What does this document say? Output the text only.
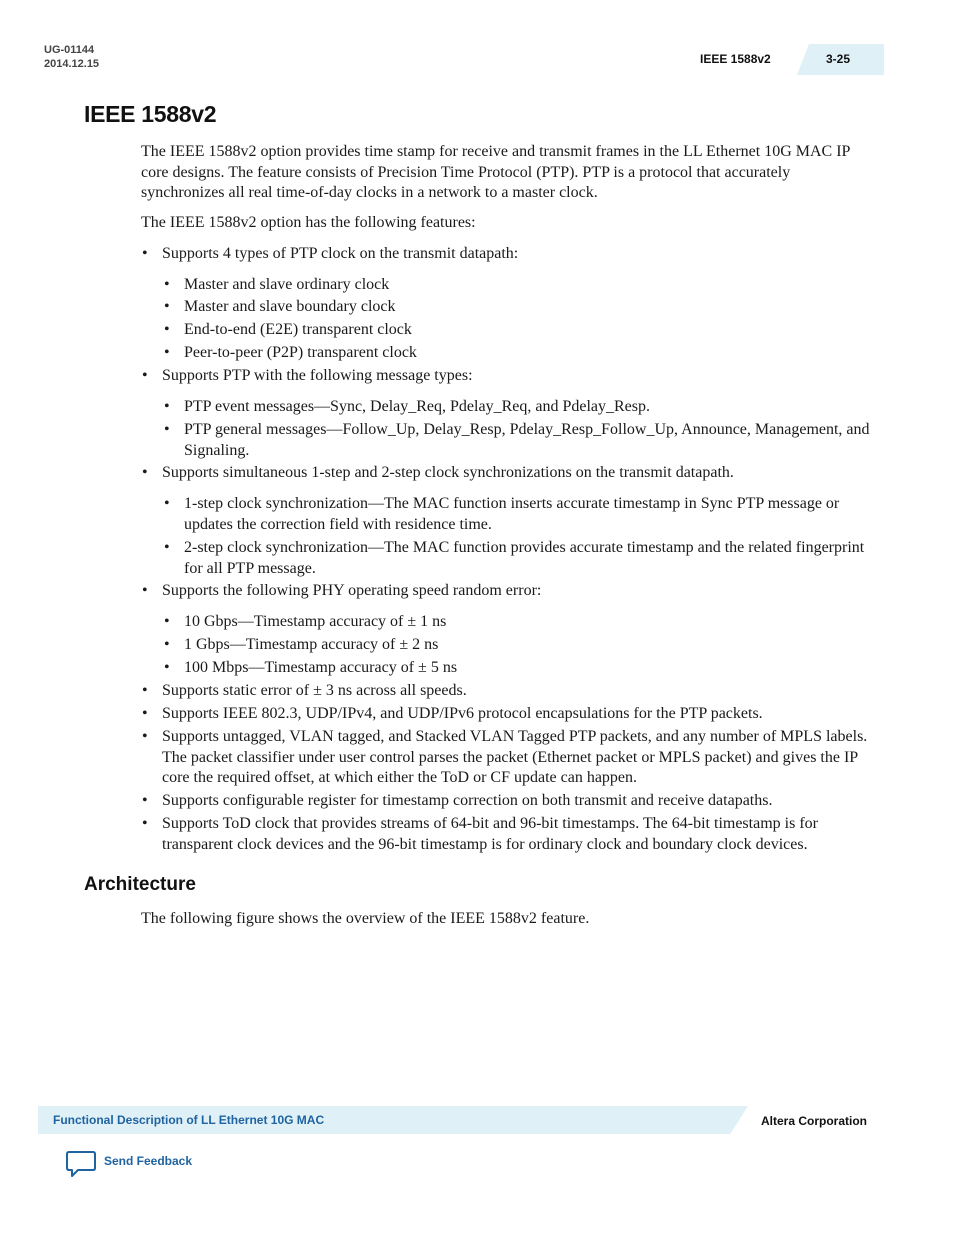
UG-01144
2014.12.15	IEEE 1588v2	3-25
IEEE 1588v2

The IEEE 1588v2 option provides time stamp for receive and transmit frames in the LL Ethernet 10G MAC IP core designs. The feature consists of Precision Time Protocol (PTP). PTP is a protocol that accurately synchronizes all real time-of-day clocks in a network to a master clock.

The IEEE 1588v2 option has the following features:

• Supports 4 types of PTP clock on the transmit datapath:
• Master and slave ordinary clock
• Master and slave boundary clock
• End-to-end (E2E) transparent clock
• Peer-to-peer (P2P) transparent clock
• Supports PTP with the following message types:
• PTP event messages—Sync, Delay_Req, Pdelay_Req, and Pdelay_Resp.
• PTP general messages—Follow_Up, Delay_Resp, Pdelay_Resp_Follow_Up, Announce, Management, and Signaling.
• Supports simultaneous 1-step and 2-step clock synchronizations on the transmit datapath.
• 1-step clock synchronization—The MAC function inserts accurate timestamp in Sync PTP message or updates the correction field with residence time.
• 2-step clock synchronization—The MAC function provides accurate timestamp and the related fingerprint for all PTP message.
• Supports the following PHY operating speed random error:
• 10 Gbps—Timestamp accuracy of ± 1 ns
• 1 Gbps—Timestamp accuracy of ± 2 ns
• 100 Mbps—Timestamp accuracy of ± 5 ns
• Supports static error of ± 3 ns across all speeds.
• Supports IEEE 802.3, UDP/IPv4, and UDP/IPv6 protocol encapsulations for the PTP packets.
• Supports untagged, VLAN tagged, and Stacked VLAN Tagged PTP packets, and any number of MPLS labels. The packet classifier under user control parses the packet (Ethernet packet or MPLS packet) and gives the IP core the required offset, at which either the ToD or CF update can happen.
• Supports configurable register for timestamp correction on both transmit and receive datapaths.
• Supports ToD clock that provides streams of 64-bit and 96-bit timestamps. The 64-bit timestamp is for transparent clock devices and the 96-bit timestamp is for ordinary clock and boundary clock devices.
Architecture

The following figure shows the overview of the IEEE 1588v2 feature.

Functional Description of LL Ethernet 10G MAC	Altera Corporation
Send Feedback
